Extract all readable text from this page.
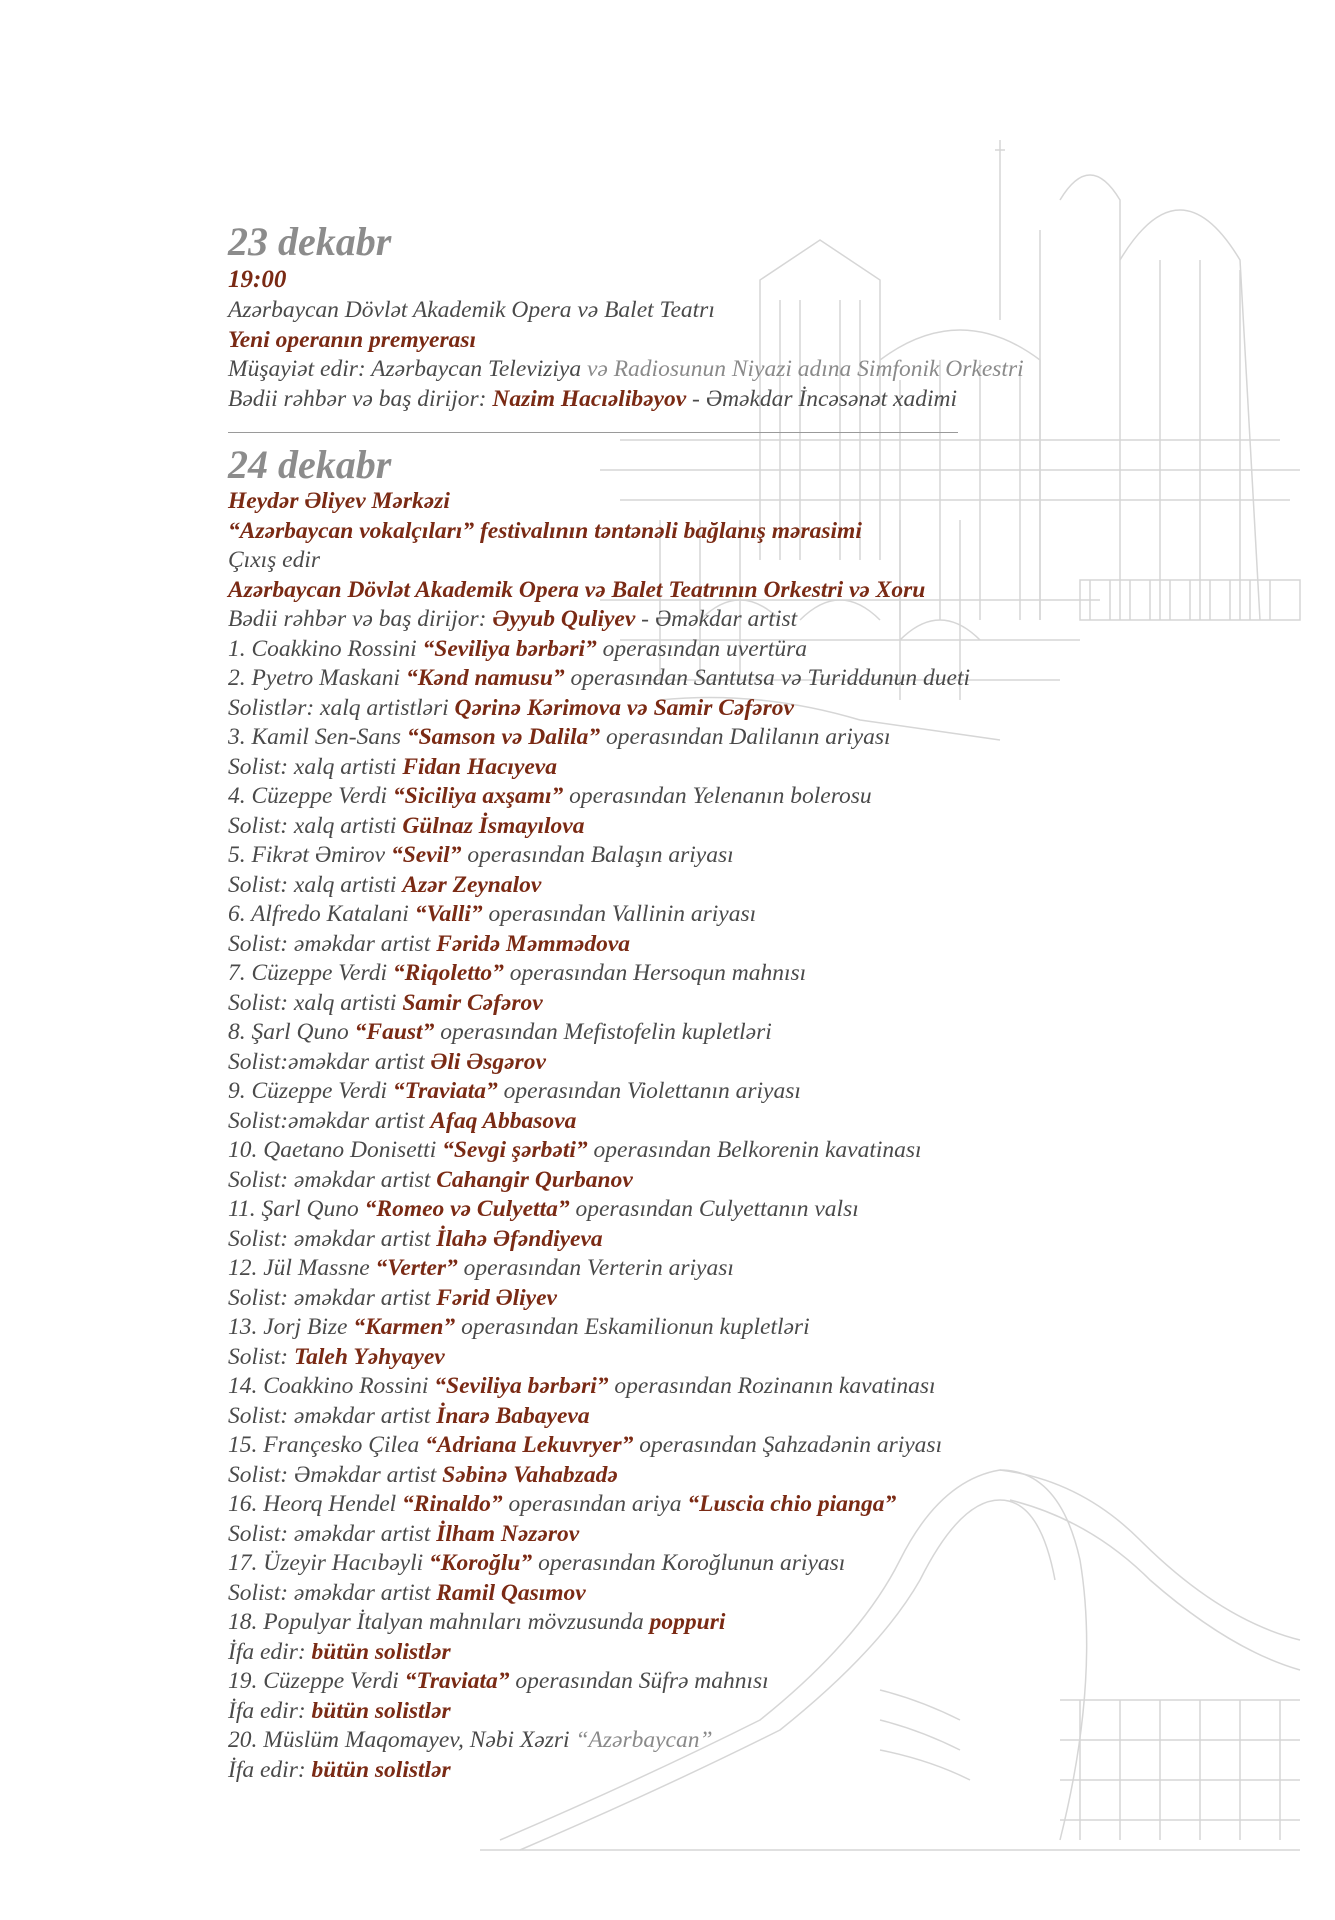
23 dekabr
19:00
Azərbaycan Dövlət Akademik Opera və Balet Teatrı
Yeni operanın premyerası
Müşayiət edir: Azərbaycan Televiziya və Radiosunun Niyazi adına Simfonik Orkestri
Bədii rəhbər və baş dirijor: Nazim Hacıəlibəyov - Əməkdar İncəsənət xadimi
24 dekabr
Heydər Əliyev Mərkəzi
“Azərbaycan vokalçıları” festivalının təntənəli bağlanış mərasimi
Çıxış edir
Azərbaycan Dövlət Akademik Opera və Balet Teatrının Orkestri və Xoru
Bədii rəhbər və baş dirijor: Əyyub Quliyev - Əməkdar artist
1. Coakkino Rossini “Seviliya bərbəri” operasından uvertüra
2. Pyetro Maskani “Kənd namusu” operasından Santutsa və Turiddunun dueti
Solistlər: xalq artistləri Qərinə Kərimova və Samir Cəfərov
3. Kamil Sen-Sans “Samson və Dalila” operasından Dalilanın ariyası
Solist: xalq artisti Fidan Hacıyeva
4. Cüzeppe Verdi “Siciliya axşamı” operasından Yelenanın bolerosu
Solist: xalq artisti Gülnaz İsmayılova
5. Fikrət Əmirov “Sevil” operasından Balaşın ariyası
Solist: xalq artisti Azər Zeynalov
6. Alfredo Katalani “Valli” operasından Vallinin ariyası
Solist: əməkdar artist Fəridə Məmmədova
7. Cüzeppe Verdi “Riqoletto” operasından Hersoqun mahnısı
Solist: xalq artisti Samir Cəfərov
8. Şarl Quno “Faust” operasından Mefistofelin kupletləri
Solist:əməkdar artist Əli Əsgərov
9. Cüzeppe Verdi “Traviata” operasından Violettanın ariyası
Solist:əməkdar artist Afaq Abbasova
10. Qaetano Donisetti “Sevgi şərbəti” operasından Belkorenin kavatinası
Solist: əməkdar artist Cahangir Qurbanov
11. Şarl Quno “Romeo və Culyetta” operasından Culyettanın valsı
Solist: əməkdar artist İlahə Əfəndiyeva
12. Jül Massne “Verter” operasından Verterin ariyası
Solist: əməkdar artist Fərid Əliyev
13. Jorj Bize “Karmen” operasından Eskamilionun kupletləri
Solist: Taleh Yəhyayev
14. Coakkino Rossini “Seviliya bərbəri” operasından Rozinanın kavatinası
Solist: əməkdar artist İnarə Babayeva
15. Françesko Çilea “Adriana Lekuvryer” operasından Şahzadənin ariyası
Solist: Əməkdar artist Səbinə Vahabzadə
16. Heorq Hendel “Rinaldo” operasından ariya “Luscia chio pianga”
Solist: əməkdar artist İlham Nəzərov
17. Üzeyir Hacıbəyli “Koroğlu” operasından Koroğlunun ariyası
Solist: əməkdar artist Ramil Qasımov
18. Populyar İtalyan mahnıları mövzusunda poppuri
İfa edir: bütün solistlər
19. Cüzeppe Verdi “Traviata” operasından Süfrə mahnısı
İfa edir: bütün solistlər
20. Müslüm Maqomayev, Nəbi Xəzri “Azərbaycan”
İfa edir: bütün solistlər
